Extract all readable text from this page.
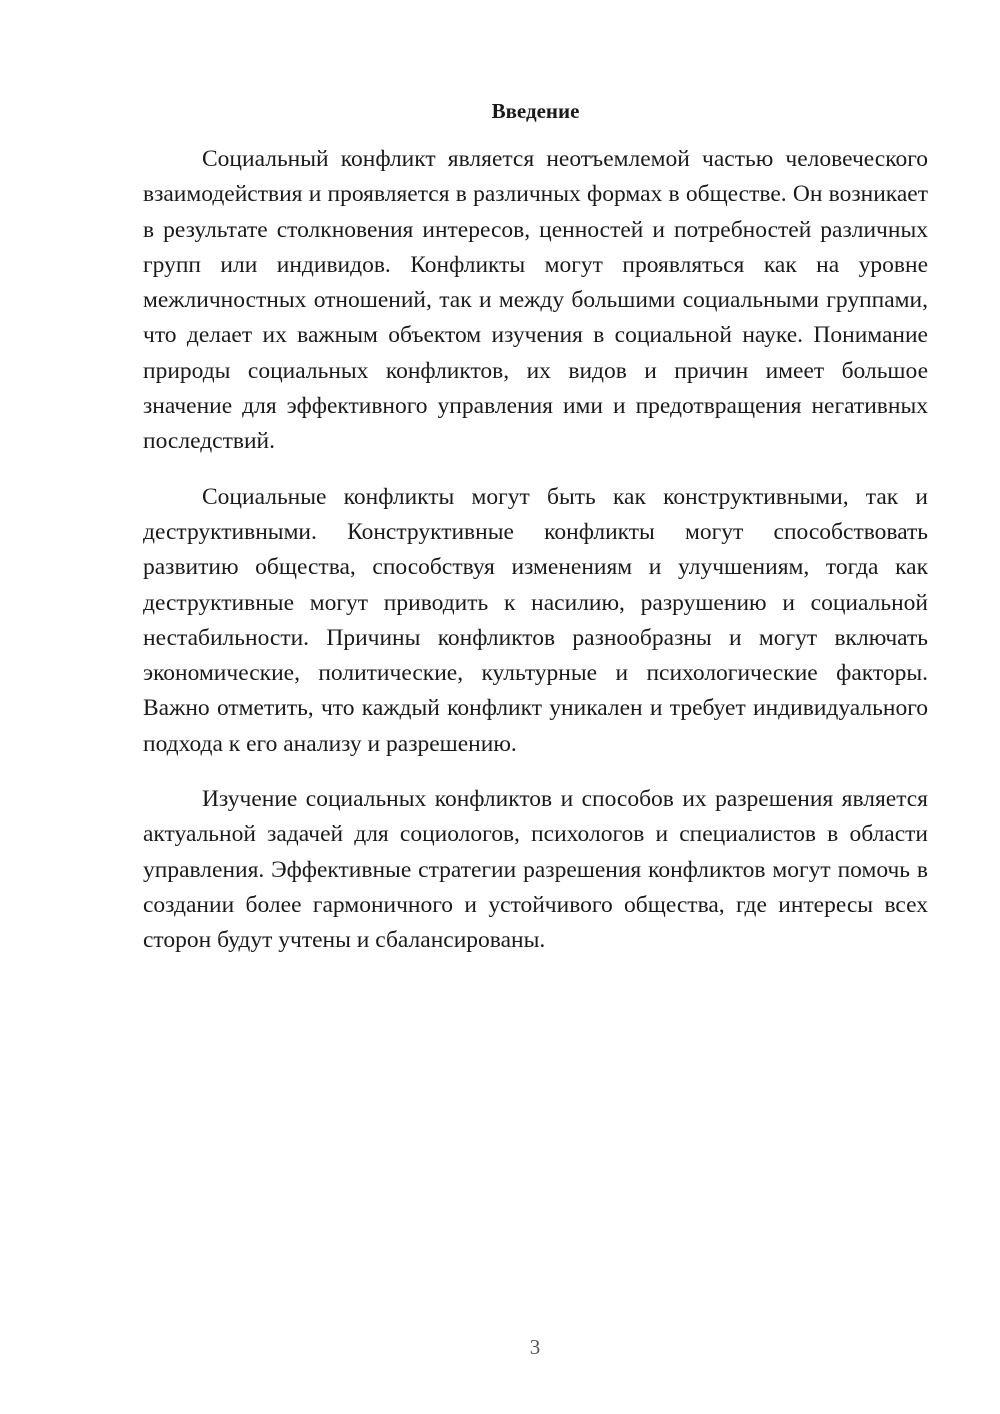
Введение

Социальный конфликт является неотъемлемой частью человеческого взаимодействия и проявляется в различных формах в обществе. Он возникает в результате столкновения интересов, ценностей и потребностей различных групп или индивидов. Конфликты могут проявляться как на уровне межличностных отношений, так и между большими социальными группами, что делает их важным объектом изучения в социальной науке. Понимание природы социальных конфликтов, их видов и причин имеет большое значение для эффективного управления ими и предотвращения негативных последствий.

Социальные конфликты могут быть как конструктивными, так и деструктивными. Конструктивные конфликты могут способствовать развитию общества, способствуя изменениям и улучшениям, тогда как деструктивные могут приводить к насилию, разрушению и социальной нестабильности. Причины конфликтов разнообразны и могут включать экономические, политические, культурные и психологические факторы. Важно отметить, что каждый конфликт уникален и требует индивидуального подхода к его анализу и разрешению.

Изучение социальных конфликтов и способов их разрешения является актуальной задачей для социологов, психологов и специалистов в области управления. Эффективные стратегии разрешения конфликтов могут помочь в создании более гармоничного и устойчивого общества, где интересы всех сторон будут учтены и сбалансированы.

3
